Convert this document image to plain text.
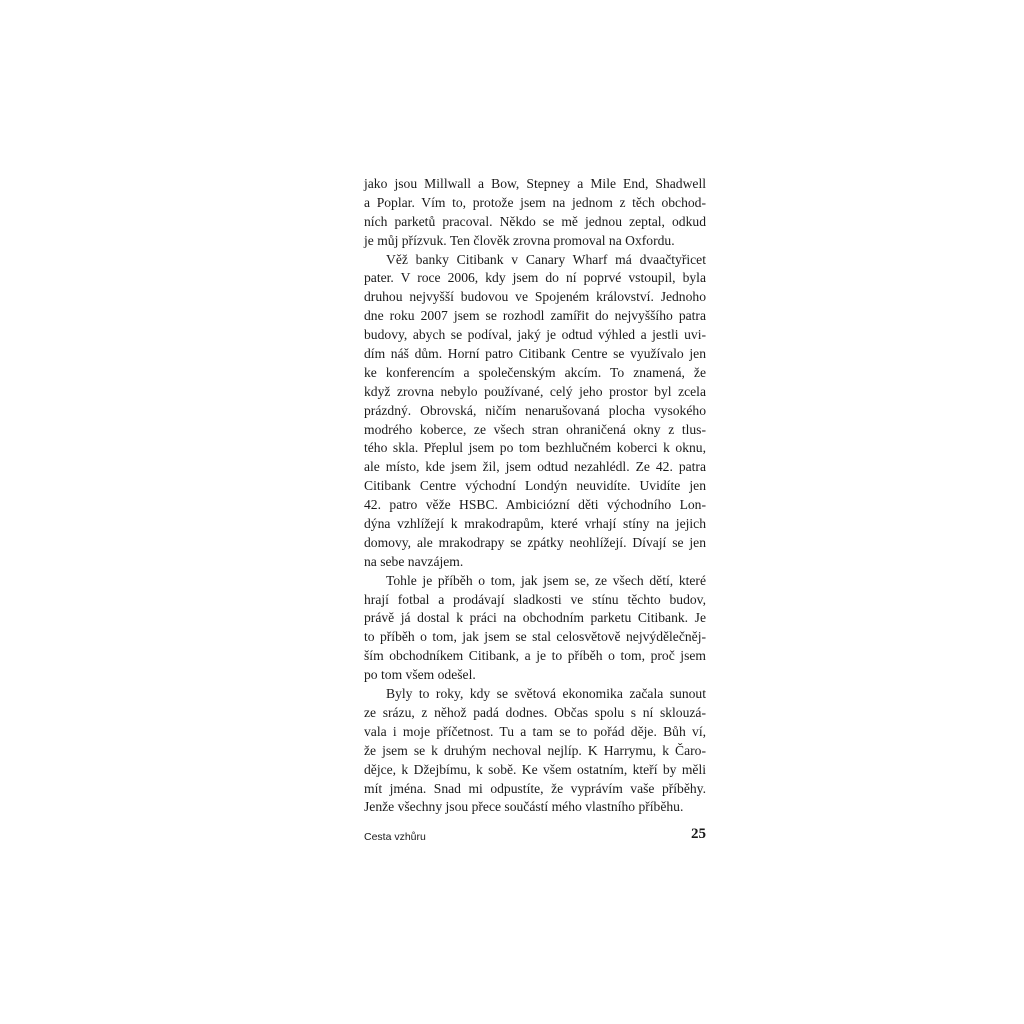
jako jsou Millwall a Bow, Stepney a Mile End, Shadwell
a Poplar. Vím to, protože jsem na jednom z těch obchod-
ních parketů pracoval. Někdo se mě jednou zeptal, odkud
je můj přízvuk. Ten člověk zrovna promoval na Oxfordu.
Věž banky Citibank v Canary Wharf má dvaačtyřicet
pater. V roce 2006, kdy jsem do ní poprvé vstoupil, byla
druhou nejvyšší budovou ve Spojeném království. Jednoho
dne roku 2007 jsem se rozhodl zamířit do nejvyššího patra
budovy, abych se podíval, jaký je odtud výhled a jestli uvi-
dím náš dům. Horní patro Citibank Centre se využívalo jen
ke konferencím a společenským akcím. To znamená, že
když zrovna nebylo používané, celý jeho prostor byl zcela
prázdný. Obrovská, ničím nenarušovaná plocha vysokého
modrého koberce, ze všech stran ohraničená okny z tlus-
tého skla. Přeplul jsem po tom bezhlučném koberci k oknu,
ale místo, kde jsem žil, jsem odtud nezahlédl. Ze 42. patra
Citibank Centre východní Londýn neuvidíte. Uvidíte jen
42. patro věže HSBC. Ambiciózní děti východního Lon-
dýna vzhlížejí k mrakodrapům, které vrhají stíny na jejich
domovy, ale mrakodrapy se zpátky neohlížejí. Dívají se jen
na sebe navzájem.
Tohle je příběh o tom, jak jsem se, ze všech dětí, které
hrají fotbal a prodávají sladkosti ve stínu těchto budov,
právě já dostal k práci na obchodním parketu Citibank. Je
to příběh o tom, jak jsem se stal celosvětově nejvýdělečněj-
ším obchodníkem Citibank, a je to příběh o tom, proč jsem
po tom všem odešel.
Byly to roky, kdy se světová ekonomika začala sunout
ze srázu, z něhož padá dodnes. Občas spolu s ní sklouzá-
vala i moje příčetnost. Tu a tam se to pořád děje. Bůh ví,
že jsem se k druhým nechoval nejlíp. K Harrymu, k Čaro-
dějce, k Džejbímu, k sobě. Ke všem ostatním, kteří by měli
mít jména. Snad mi odpustíte, že vyprávím vaše příběhy.
Jenže všechny jsou přece součástí mého vlastního příběhu.
Cesta vzhůru	25
